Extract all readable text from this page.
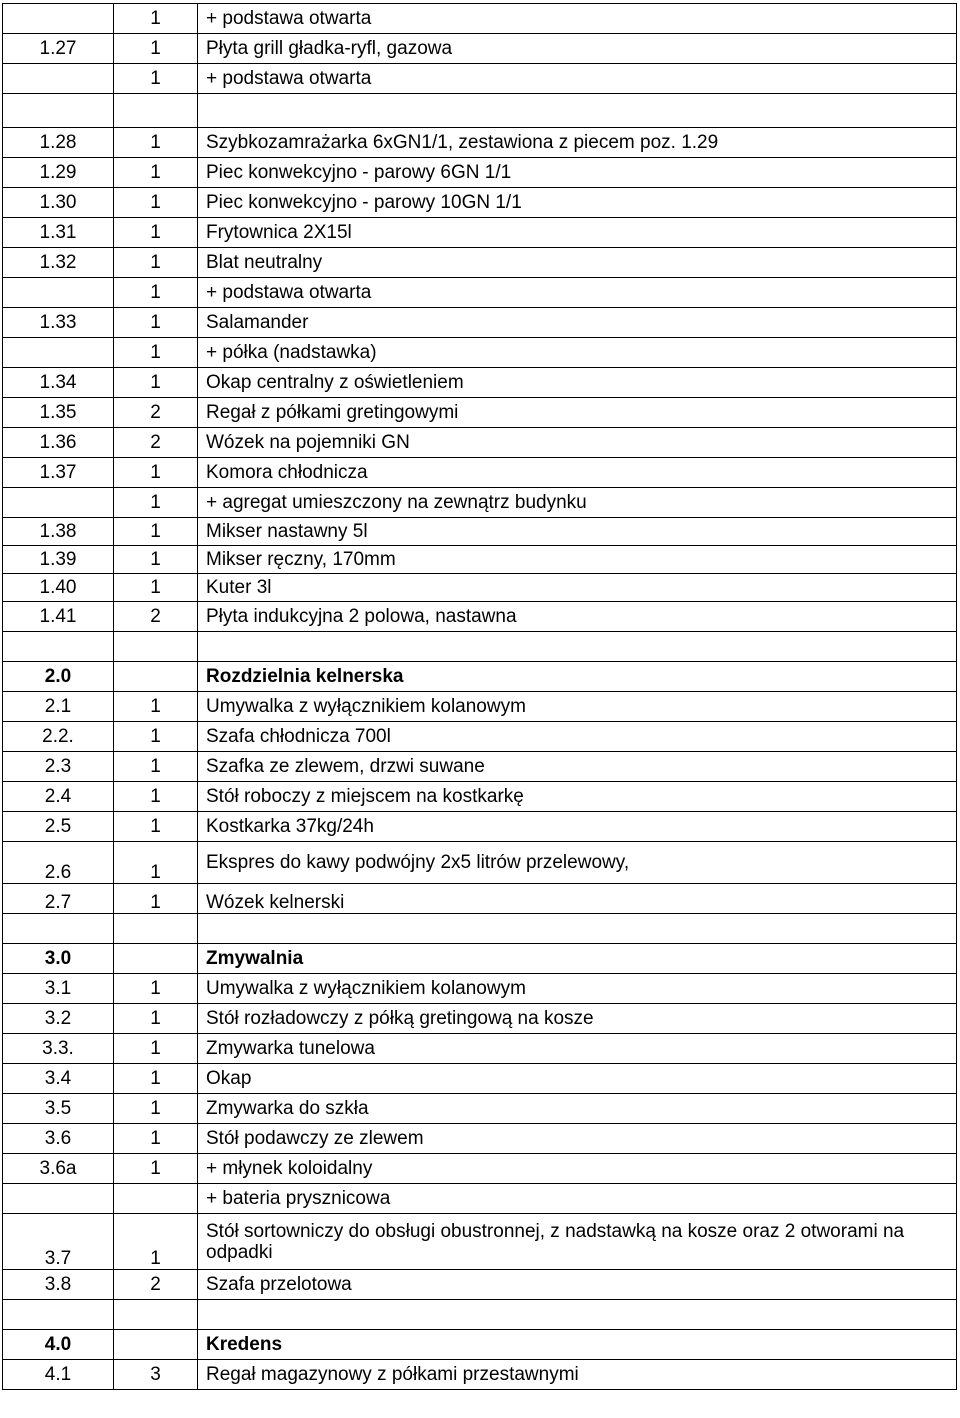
	1	+ podstawa otwarta
1.27	1	Płyta grill gładka-ryfl, gazowa
	1	+ podstawa otwarta

1.28	1	Szybkozamrażarka 6xGN1/1, zestawiona z piecem poz. 1.29
1.29	1	Piec konwekcyjno - parowy 6GN 1/1
1.30	1	Piec konwekcyjno - parowy 10GN 1/1
1.31	1	Frytownica 2X15l
1.32	1	Blat neutralny
	1	+ podstawa otwarta
1.33	1	Salamander
	1	+ półka (nadstawka)
1.34	1	Okap centralny z oświetleniem
1.35	2	Regał z półkami gretingowymi
1.36	2	Wózek na pojemniki GN
1.37	1	Komora chłodnicza
	1	+ agregat umieszczony na zewnątrz budynku
1.38	1	Mikser nastawny 5l
1.39	1	Mikser ręczny, 170mm
1.40	1	Kuter 3l
1.41	2	Płyta indukcyjna 2 polowa, nastawna

2.0		Rozdzielnia kelnerska
2.1	1	Umywalka z wyłącznikiem kolanowym
2.2.	1	Szafa chłodnicza 700l
2.3	1	Szafka ze zlewem, drzwi suwane
2.4	1	Stół roboczy z miejscem na kostkarkę
2.5	1	Kostkarka 37kg/24h
2.6	1	Ekspres do kawy podwójny 2x5 litrów przelewowy,
2.7	1	Wózek kelnerski

3.0		Zmywalnia
3.1	1	Umywalka z wyłącznikiem kolanowym
3.2	1	Stół rozładowczy z półką gretingową na kosze
3.3.	1	Zmywarka tunelowa
3.4	1	Okap
3.5	1	Zmywarka do szkła
3.6	1	Stół podawczy ze zlewem
3.6a	1	+ młynek koloidalny
		+ bateria prysznicowa
3.7	1	Stół sortowniczy do obsługi obustronnej, z nadstawką na kosze oraz 2 otworami na odpadki
3.8	2	Szafa przelotowa

4.0		Kredens
4.1	3	Regał magazynowy z półkami przestawnymi
